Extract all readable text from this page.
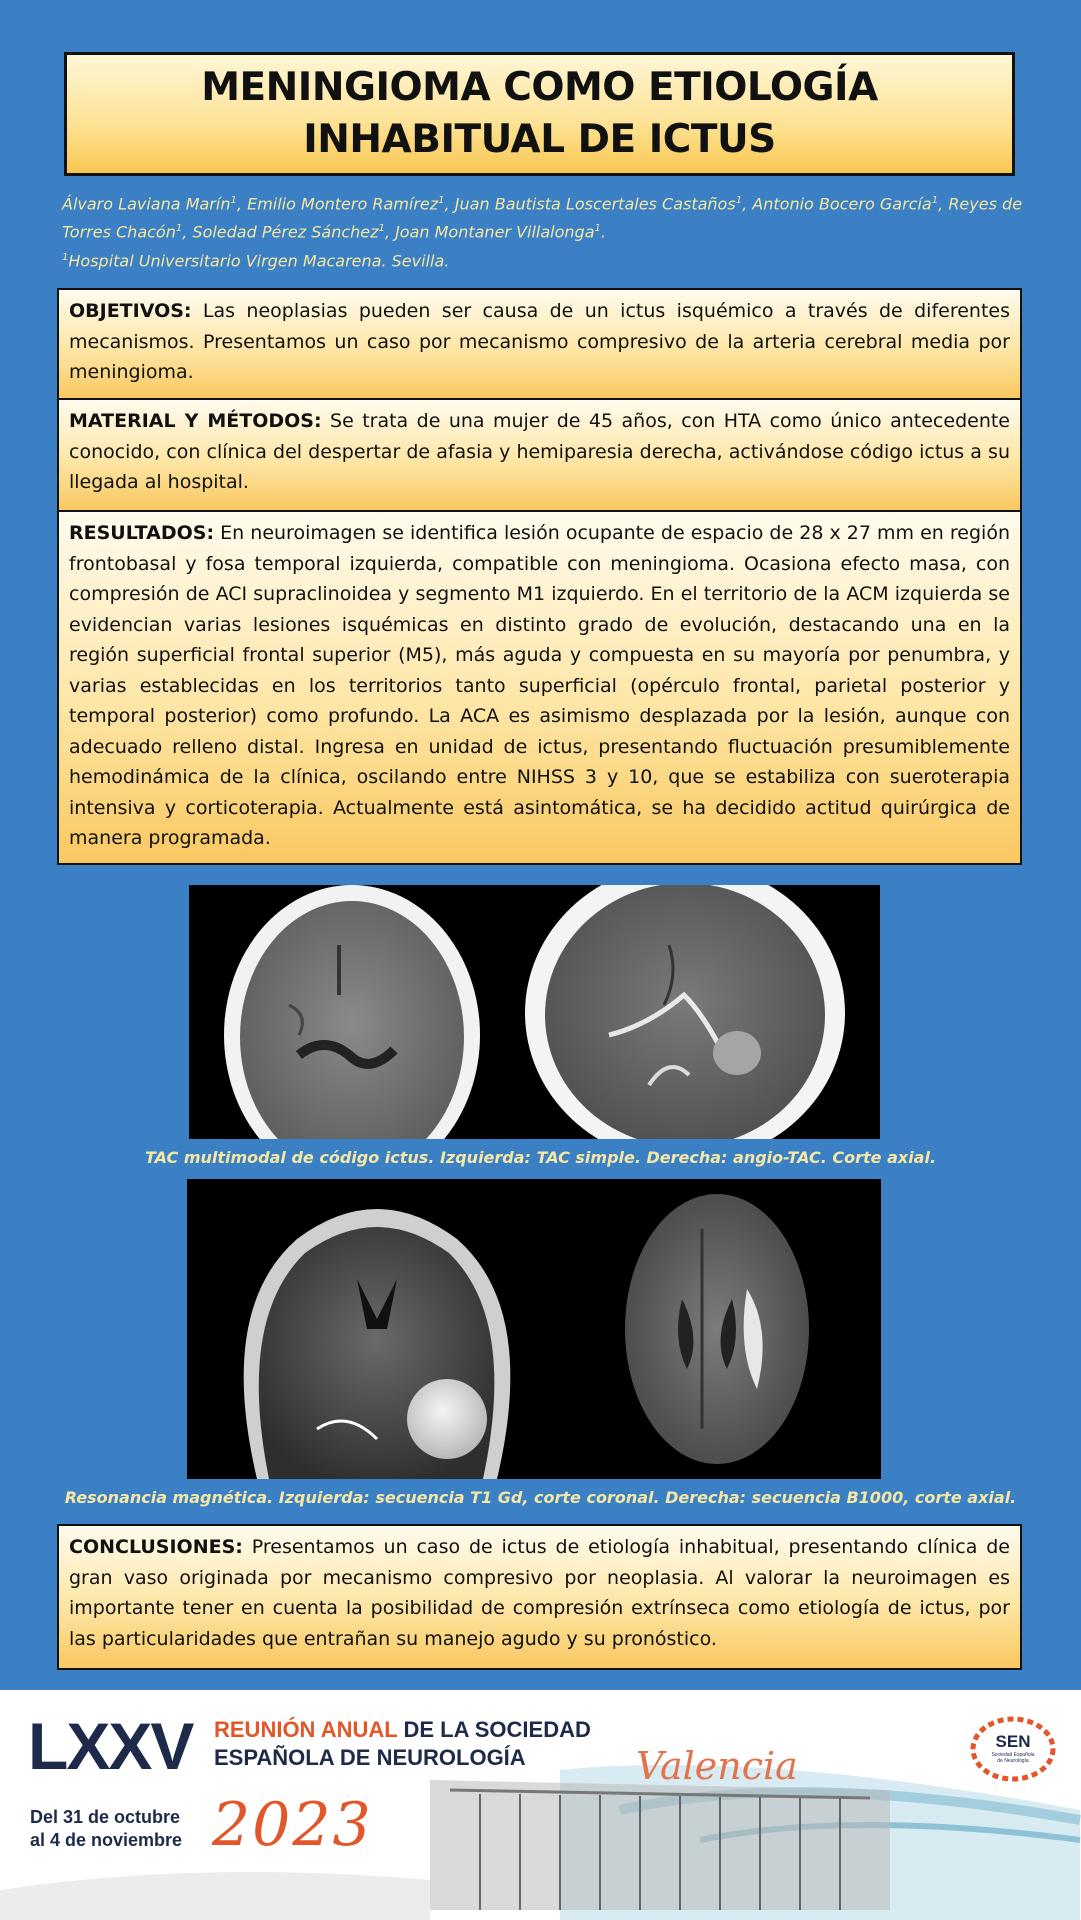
MENINGIOMA COMO ETIOLOGÍA
INHABITUAL DE ICTUS
Álvaro Laviana Marín$^1$, Emilio Montero Ramírez$^1$, Juan Bautista Loscertales Castaños$^1$, Antonio Bocero García$^1$, Reyes de Torres Chacón$^1$, Soledad Pérez Sánchez$^1$, Joan Montaner Villalonga$^1$.
$^1$Hospital Universitario Virgen Macarena. Sevilla.
OBJETIVOS: Las neoplasias pueden ser causa de un ictus isquémico a través de diferentes mecanismos. Presentamos un caso por mecanismo compresivo de la arteria cerebral media por meningioma.
MATERIAL Y MÉTODOS: Se trata de una mujer de 45 años, con HTA como único antecedente conocido, con clínica del despertar de afasia y hemiparesia derecha, activándose código ictus a su llegada al hospital.
RESULTADOS: En neuroimagen se identifica lesión ocupante de espacio de 28 x 27 mm en región frontobasal y fosa temporal izquierda, compatible con meningioma. Ocasiona efecto masa, con compresión de ACI supraclinoidea y segmento M1 izquierdo. En el territorio de la ACM izquierda se evidencian varias lesiones isquémicas en distinto grado de evolución, destacando una en la región superficial frontal superior (M5), más aguda y compuesta en su mayoría por penumbra, y varias establecidas en los territorios tanto superficial (opérculo frontal, parietal posterior y temporal posterior) como profundo. La ACA es asimismo desplazada por la lesión, aunque con adecuado relleno distal. Ingresa en unidad de ictus, presentando fluctuación presumiblemente hemodinámica de la clínica, oscilando entre NIHSS 3 y 10, que se estabiliza con sueroterapia intensiva y corticoterapia. Actualmente está asintomática, se ha decidido actitud quirúrgica de manera programada.
TAC multimodal de código ictus. Izquierda: TAC simple. Derecha: angio-TAC. Corte axial.
Resonancia magnética. Izquierda: secuencia T1 Gd, corte coronal. Derecha: secuencia B1000, corte axial.
CONCLUSIONES: Presentamos un caso de ictus de etiología inhabitual, presentando clínica de gran vaso originada por mecanismo compresivo por neoplasia. Al valorar la neuroimagen es importante tener en cuenta la posibilidad de compresión extrínseca como etiología de ictus, por las particularidades que entrañan su manejo agudo y su pronóstico.
LXXV REUNIÓN ANUAL DE LA SOCIEDAD
ESPAÑOLA DE NEUROLOGÍA
Del 31 de octubre
al 4 de noviembre 2023
Valencia
SEN
Sociedad Española
de Neurología
